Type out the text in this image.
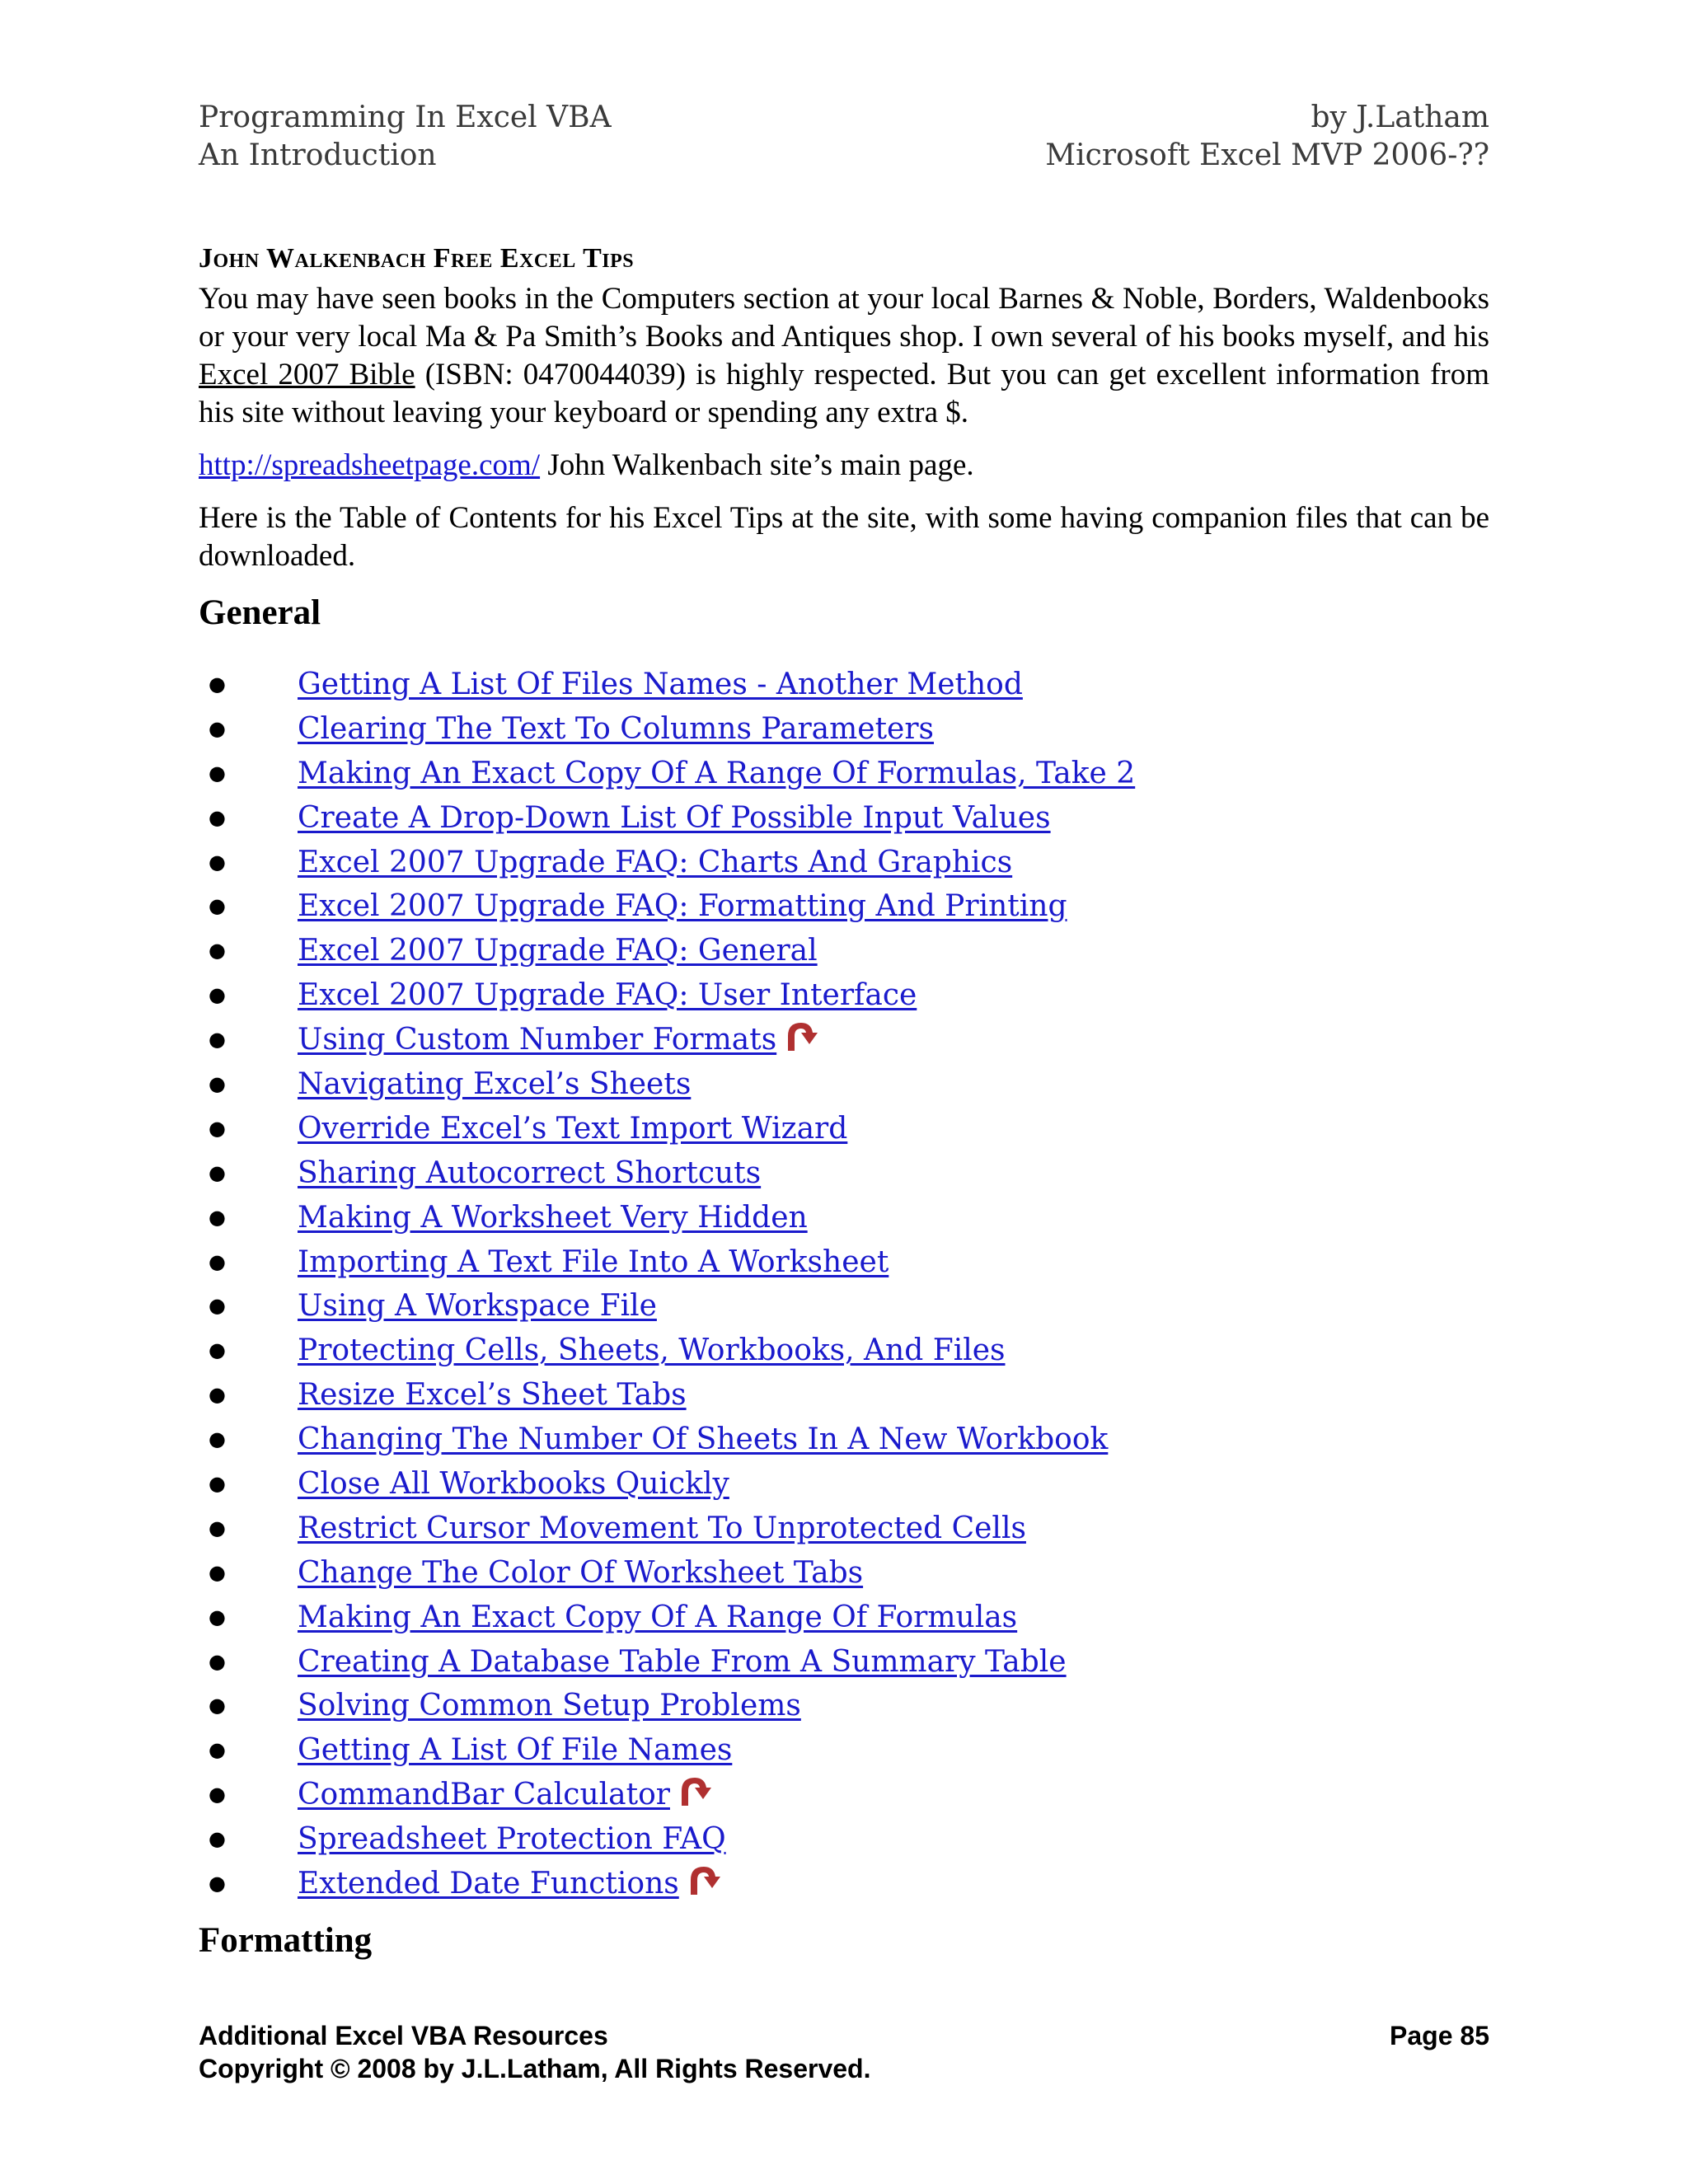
Programming In Excel VBA	by J.Latham
An Introduction	Microsoft Excel MVP 2006-??
John Walkenbach Free Excel Tips

You may have seen books in the Computers section at your local Barnes & Noble, Borders, Waldenbooks or your very local Ma & Pa Smith’s Books and Antiques shop. I own several of his books myself, and his Excel 2007 Bible (ISBN: 0470044039) is highly respected. But you can get excellent information from his site without leaving your keyboard or spending any extra $.

http://spreadsheetpage.com/ John Walkenbach site’s main page.

Here is the Table of Contents for his Excel Tips at the site, with some having companion files that can be downloaded.

General
● Getting A List Of Files Names - Another Method
● Clearing The Text To Columns Parameters
● Making An Exact Copy Of A Range Of Formulas, Take 2
● Create A Drop-Down List Of Possible Input Values
● Excel 2007 Upgrade FAQ: Charts And Graphics
● Excel 2007 Upgrade FAQ: Formatting And Printing
● Excel 2007 Upgrade FAQ: General
● Excel 2007 Upgrade FAQ: User Interface
● Using Custom Number Formats
● Navigating Excel’s Sheets
● Override Excel’s Text Import Wizard
● Sharing Autocorrect Shortcuts
● Making A Worksheet Very Hidden
● Importing A Text File Into A Worksheet
● Using A Workspace File
● Protecting Cells, Sheets, Workbooks, And Files
● Resize Excel’s Sheet Tabs
● Changing The Number Of Sheets In A New Workbook
● Close All Workbooks Quickly
● Restrict Cursor Movement To Unprotected Cells
● Change The Color Of Worksheet Tabs
● Making An Exact Copy Of A Range Of Formulas
● Creating A Database Table From A Summary Table
● Solving Common Setup Problems
● Getting A List Of File Names
● CommandBar Calculator
● Spreadsheet Protection FAQ
● Extended Date Functions
Formatting
Additional Excel VBA Resources	Page 85
Copyright © 2008 by J.L.Latham, All Rights Reserved.
